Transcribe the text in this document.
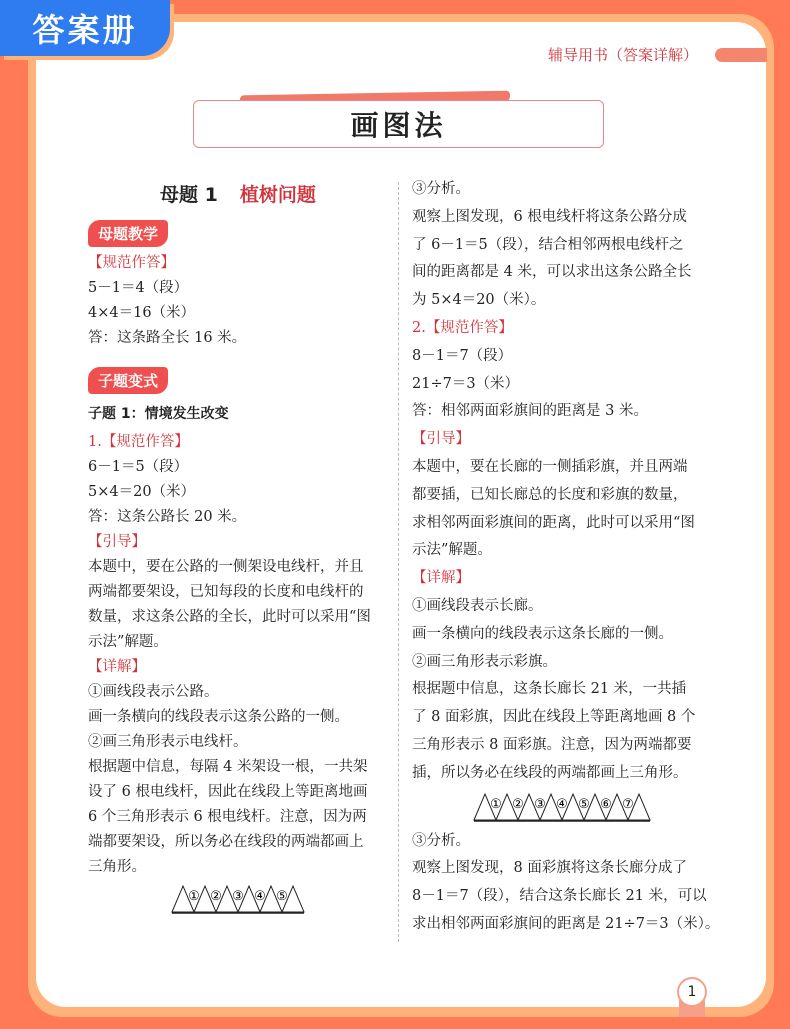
答案册
辅导用书（答案详解）
画图法
母题 1 植树问题
母题教学
【规范作答】
5－1＝4（段）
4×4＝16（米）
答：这条路全长 16 米。
子题变式
子题 1：情境发生改变
1.【规范作答】
6－1＝5（段）
5×4＝20（米）
答：这条公路长 20 米。
【引导】
本题中，要在公路的一侧架设电线杆，并且
两端都要架设，已知每段的长度和电线杆的
数量，求这条公路的全长，此时可以采用“图
示法”解题。
【详解】
①画线段表示公路。
画一条横向的线段表示这条公路的一侧。
②画三角形表示电线杆。
根据题中信息，每隔 4 米架设一根，一共架
设了 6 根电线杆，因此在线段上等距离地画
6 个三角形表示 6 根电线杆。注意，因为两
端都要架设，所以务必在线段的两端都画上
三角形。
① ② ③ ④ ⑤
③分析。
观察上图发现，6 根电线杆将这条公路分成
了 6－1＝5（段），结合相邻两根电线杆之
间的距离都是 4 米，可以求出这条公路全长
为 5×4＝20（米）。
2.【规范作答】
8－1＝7（段）
21÷7＝3（米）
答：相邻两面彩旗间的距离是 3 米。
【引导】
本题中，要在长廊的一侧插彩旗，并且两端
都要插，已知长廊总的长度和彩旗的数量，
求相邻两面彩旗间的距离，此时可以采用“图
示法”解题。
【详解】
①画线段表示长廊。
画一条横向的线段表示这条长廊的一侧。
②画三角形表示彩旗。
根据题中信息，这条长廊长 21 米，一共插
了 8 面彩旗，因此在线段上等距离地画 8 个
三角形表示 8 面彩旗。注意，因为两端都要
插，所以务必在线段的两端都画上三角形。
① ② ③ ④ ⑤ ⑥ ⑦
③分析。
观察上图发现，8 面彩旗将这条长廊分成了
8－1＝7（段），结合这条长廊长 21 米，可以
求出相邻两面彩旗间的距离是 21÷7＝3（米）。
1
